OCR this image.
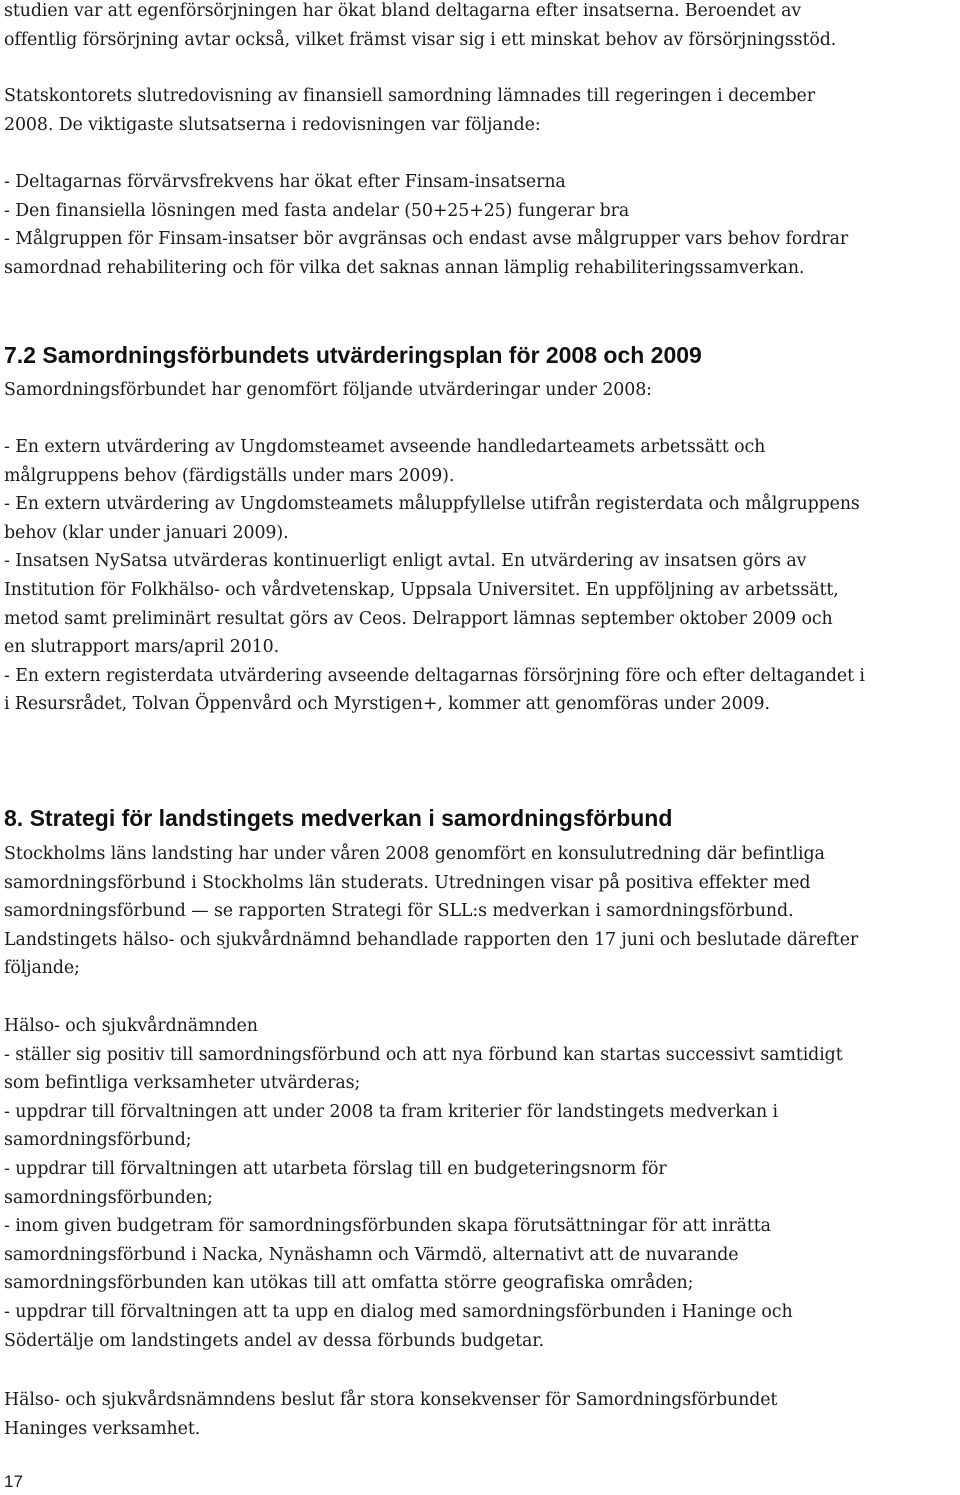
studien var att egenförsörjningen har ökat bland deltagarna efter insatserna. Beroendet av
offentlig försörjning avtar också, vilket främst visar sig i ett minskat behov av försörjningsstöd.
Statskontorets slutredovisning av finansiell samordning lämnades till regeringen i december
2008. De viktigaste slutsatserna i redovisningen var följande:
- Deltagarnas förvärvsfrekvens har ökat efter Finsam-insatserna
- Den finansiella lösningen med fasta andelar (50+25+25) fungerar bra
- Målgruppen för Finsam-insatser bör avgränsas och endast avse målgrupper vars behov fordrar
samordnad rehabilitering och för vilka det saknas annan lämplig rehabiliteringssamverkan.
7.2 Samordningsförbundets utvärderingsplan för 2008 och 2009
Samordningsförbundet har genomfört följande utvärderingar under 2008:
- En extern utvärdering av Ungdomsteamet avseende handledarteamets arbetssätt och
målgruppens behov (färdigställs under mars 2009).
- En extern utvärdering av Ungdomsteamets måluppfyllelse utifrån registerdata och målgruppens
behov (klar under januari 2009).
- Insatsen NySatsa utvärderas kontinuerligt enligt avtal. En utvärdering av insatsen görs av
Institution för Folkhälso- och vårdvetenskap, Uppsala Universitet. En uppföljning av arbetssätt,
metod samt preliminärt resultat görs av Ceos. Delrapport lämnas september oktober 2009 och
en slutrapport mars/april 2010.
- En extern registerdata utvärdering avseende deltagarnas försörjning före och efter deltagandet i
i Resursrådet, Tolvan Öppenvård och Myrstigen+, kommer att genomföras under 2009.
8. Strategi för landstingets medverkan i samordningsförbund
Stockholms läns landsting har under våren 2008 genomfört en konsulutredning där befintliga
samordningsförbund i Stockholms län studerats. Utredningen visar på positiva effekter med
samordningsförbund — se rapporten Strategi för SLL:s medverkan i samordningsförbund.
Landstingets hälso- och sjukvårdnämnd behandlade rapporten den 17 juni och beslutade därefter
följande;
Hälso- och sjukvårdnämnden
- ställer sig positiv till samordningsförbund och att nya förbund kan startas successivt samtidigt
som befintliga verksamheter utvärderas;
- uppdrar till förvaltningen att under 2008 ta fram kriterier för landstingets medverkan i
samordningsförbund;
- uppdrar till förvaltningen att utarbeta förslag till en budgeteringsnorm för
samordningsförbunden;
- inom given budgetram för samordningsförbunden skapa förutsättningar för att inrätta
samordningsförbund i Nacka, Nynäshamn och Värmdö, alternativt att de nuvarande
samordningsförbunden kan utökas till att omfatta större geografiska områden;
- uppdrar till förvaltningen att ta upp en dialog med samordningsförbunden i Haninge och
Södertälje om landstingets andel av dessa förbunds budgetar.
Hälso- och sjukvårdsnämndens beslut får stora konsekvenser för Samordningsförbundet
Haninges verksamhet.
17
